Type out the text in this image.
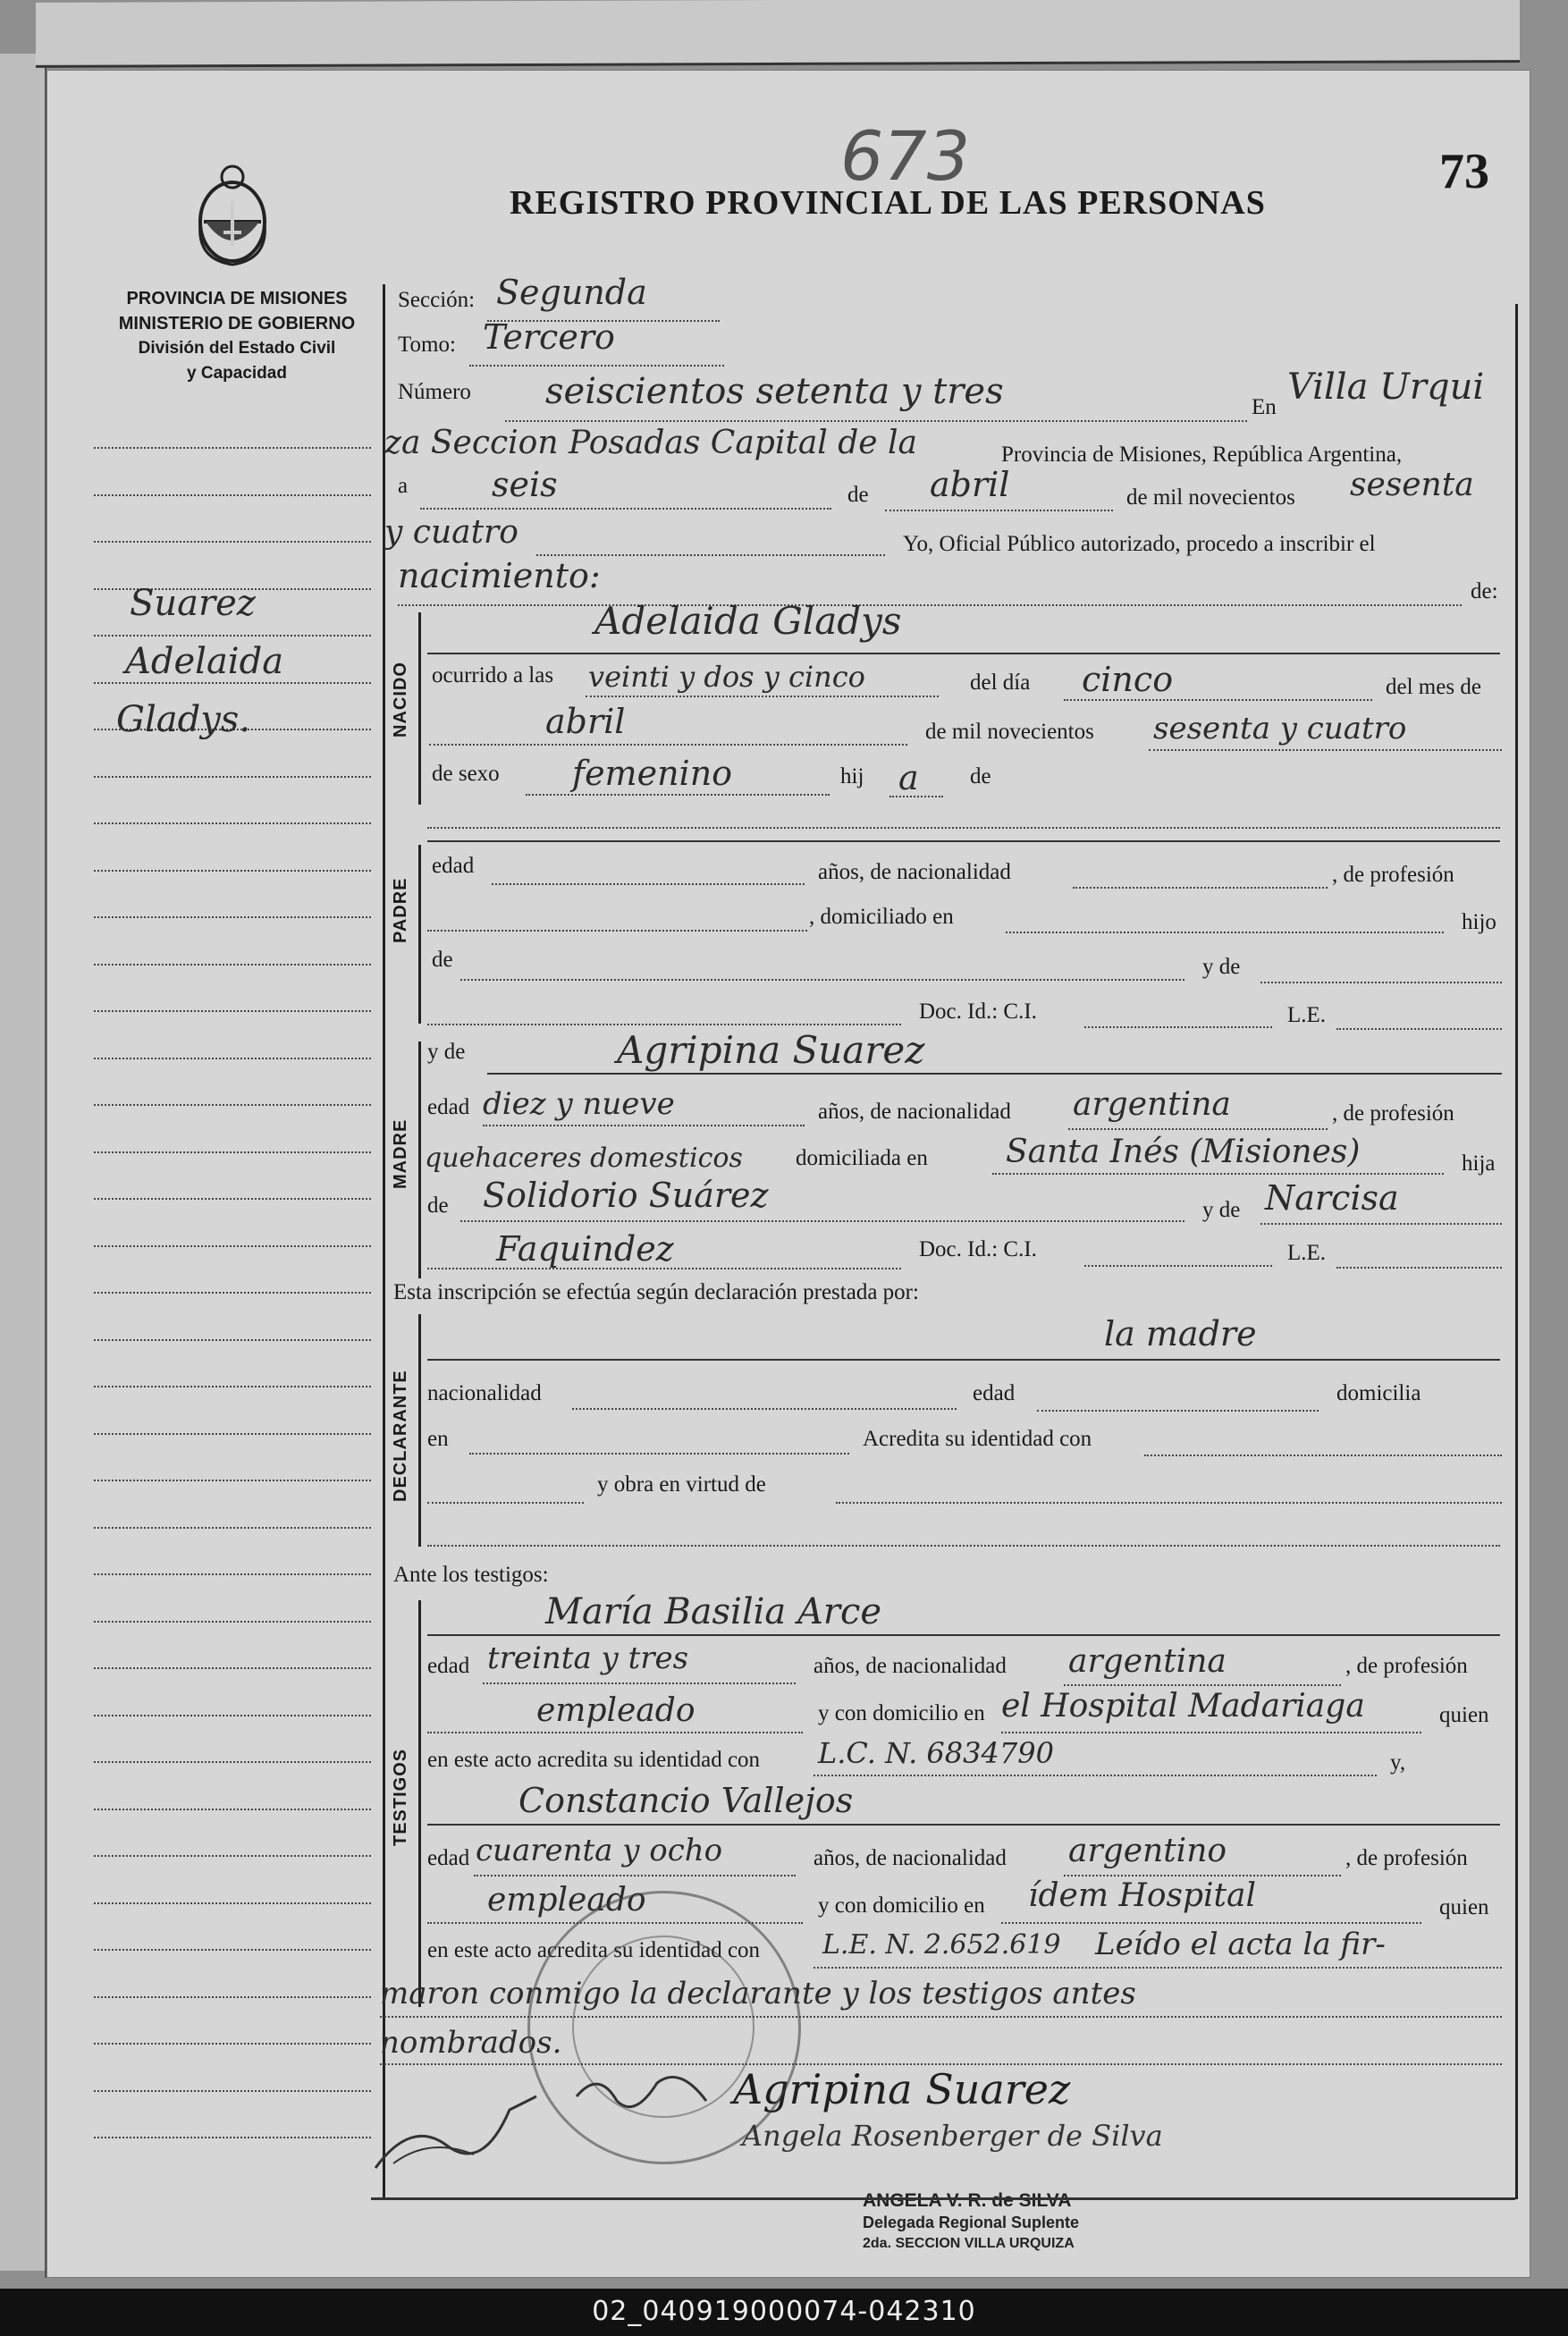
673	73
REGISTRO PROVINCIAL DE LAS PERSONAS
PROVINCIA DE MISIONES
MINISTERIO DE GOBIERNO
División del Estado Civil
y Capacidad
Suarez
Adelaida
Gladys.
Sección: Segunda
Tomo: Tercero
Número seiscientos setenta y tres	En Villa Urqui
za Seccion Posadas Capital de la	Provincia de Misiones, República Argentina,
a seis	de abril	de mil novecientos sesenta
y cuatro	Yo, Oficial Público autorizado, procedo a inscribir el
nacimiento:	de:
NACIDO
Adelaida Gladys
ocurrido a las veinti y dos y cinco	del día cinco	del mes de
abril	de mil novecientos sesenta y cuatro
de sexo femenino	hij a de
PADRE
edad	años, de nacionalidad	, de profesión
, domiciliado en	hijo
de	y de
Doc. Id.: C.I.	L.E.
MADRE
y de	Agripina Suarez
edad diez y nueve	años, de nacionalidad argentina	, de profesión
quehaceres domesticos domiciliada en Santa Inés (Misiones)	hija
de Solidorio Suárez	y de Narcisa
Faquindez	Doc. Id.: C.I.	L.E.
Esta inscripción se efectúa según declaración prestada por:
DECLARANTE
la madre
nacionalidad	edad	domicilia
en	Acredita su identidad con
y obra en virtud de
Ante los testigos:
TESTIGOS
María Basilia Arce
edad treinta y tres	años, de nacionalidad argentina	, de profesión
empleado	y con domicilio en el Hospital Madariaga	quien
en este acto acredita su identidad con L.C. N. 6834790	y,
Constancio Vallejos
edad cuarenta y ocho	años, de nacionalidad argentino	, de profesión
empleado	y con domicilio en ídem Hospital	quien
en este acto acredita su identidad con L.E. N. 2.652.619 Leído el acta la fir-
maron conmigo la declarante y los testigos antes
nombrados.
Agripina Suarez
Angela Rosenberger de Silva
ANGELA V. R. de SILVA
Delegada Regional Suplente
2da. SECCION VILLA URQUIZA
02_040919000074-042310
